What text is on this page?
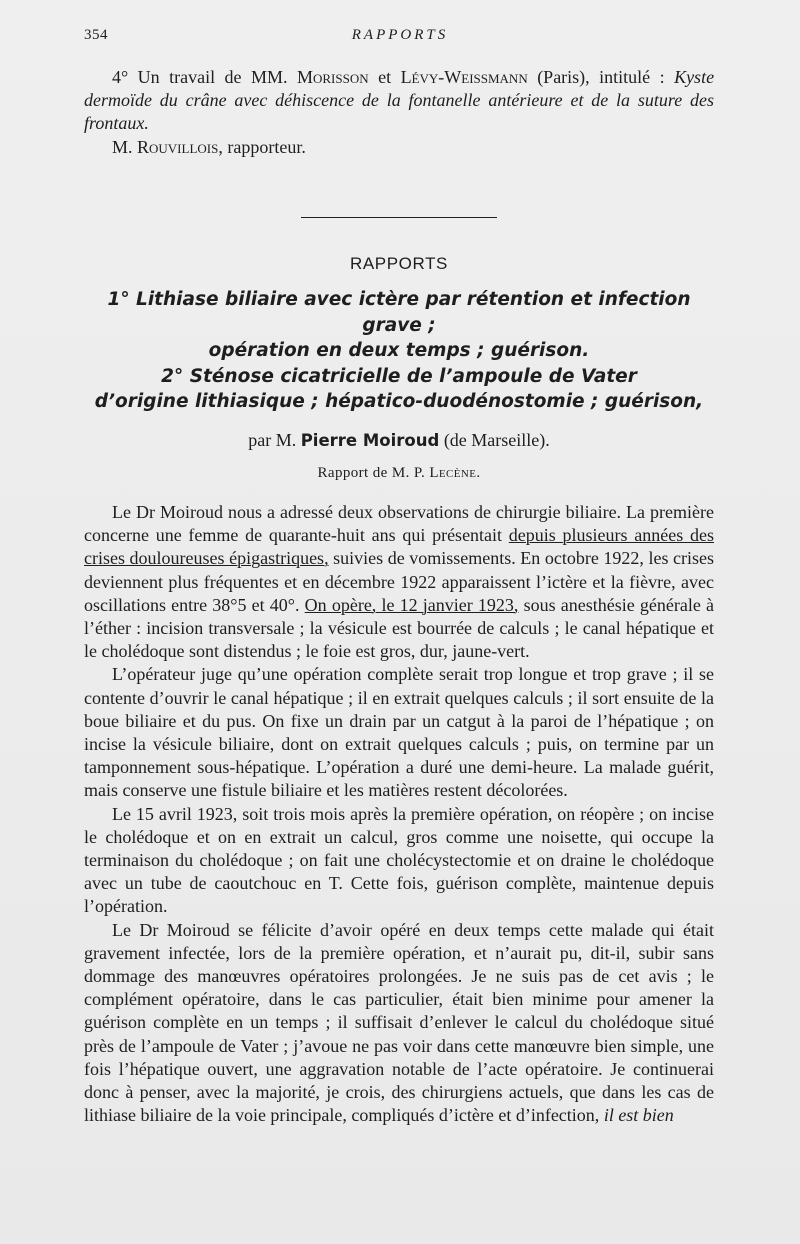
354	RAPPORTS

4° Un travail de MM. Morisson et Lévy-Weissmann (Paris), intitulé : Kyste dermoïde du crâne avec déhiscence de la fontanelle antérieure et de la suture des frontaux.

M. Rouvillois, rapporteur.

RAPPORTS
1° Lithiase biliaire avec ictère par rétention et infection grave ;
opération en deux temps ; guérison.
2° Sténose cicatricielle de l’ampoule de Vater
d’origine lithiasique ; hépatico-duodénostomie ; guérison,
par M. Pierre Moiroud (de Marseille).
Rapport de M. P. Lecène.

Le Dr Moiroud nous a adressé deux observations de chirurgie biliaire. La première concerne une femme de quarante-huit ans qui présentait depuis plusieurs années des crises douloureuses épigastriques, suivies de vomissements. En octobre 1922, les crises deviennent plus fréquentes et en décembre 1922 apparaissent l’ictère et la fièvre, avec oscillations entre 38°5 et 40°. On opère, le 12 janvier 1923, sous anesthésie générale à l’éther : incision transversale ; la vésicule est bourrée de calculs ; le canal hépatique et le cholédoque sont distendus ; le foie est gros, dur, jaune-vert.

L’opérateur juge qu’une opération complète serait trop longue et trop grave ; il se contente d’ouvrir le canal hépatique ; il en extrait quelques calculs ; il sort ensuite de la boue biliaire et du pus. On fixe un drain par un catgut à la paroi de l’hépatique ; on incise la vésicule biliaire, dont on extrait quelques calculs ; puis, on termine par un tamponnement sous-hépatique. L’opération a duré une demi-heure. La malade guérit, mais conserve une fistule biliaire et les matières restent décolorées.

Le 15 avril 1923, soit trois mois après la première opération, on réopère ; on incise le cholédoque et on en extrait un calcul, gros comme une noisette, qui occupe la terminaison du cholédoque ; on fait une cholécystectomie et on draine le cholédoque avec un tube de caoutchouc en T. Cette fois, guérison complète, maintenue depuis l’opération.

Le Dr Moiroud se félicite d’avoir opéré en deux temps cette malade qui était gravement infectée, lors de la première opération, et n’aurait pu, dit-il, subir sans dommage des manœuvres opératoires prolongées. Je ne suis pas de cet avis ; le complément opératoire, dans le cas particulier, était bien minime pour amener la guérison complète en un temps ; il suffisait d’enlever le calcul du cholédoque situé près de l’ampoule de Vater ; j’avoue ne pas voir dans cette manœuvre bien simple, une fois l’hépatique ouvert, une aggravation notable de l’acte opératoire. Je continuerai donc à penser, avec la majorité, je crois, des chirurgiens actuels, que dans les cas de lithiase biliaire de la voie principale, compliqués d’ictère et d’infection, il est bien
